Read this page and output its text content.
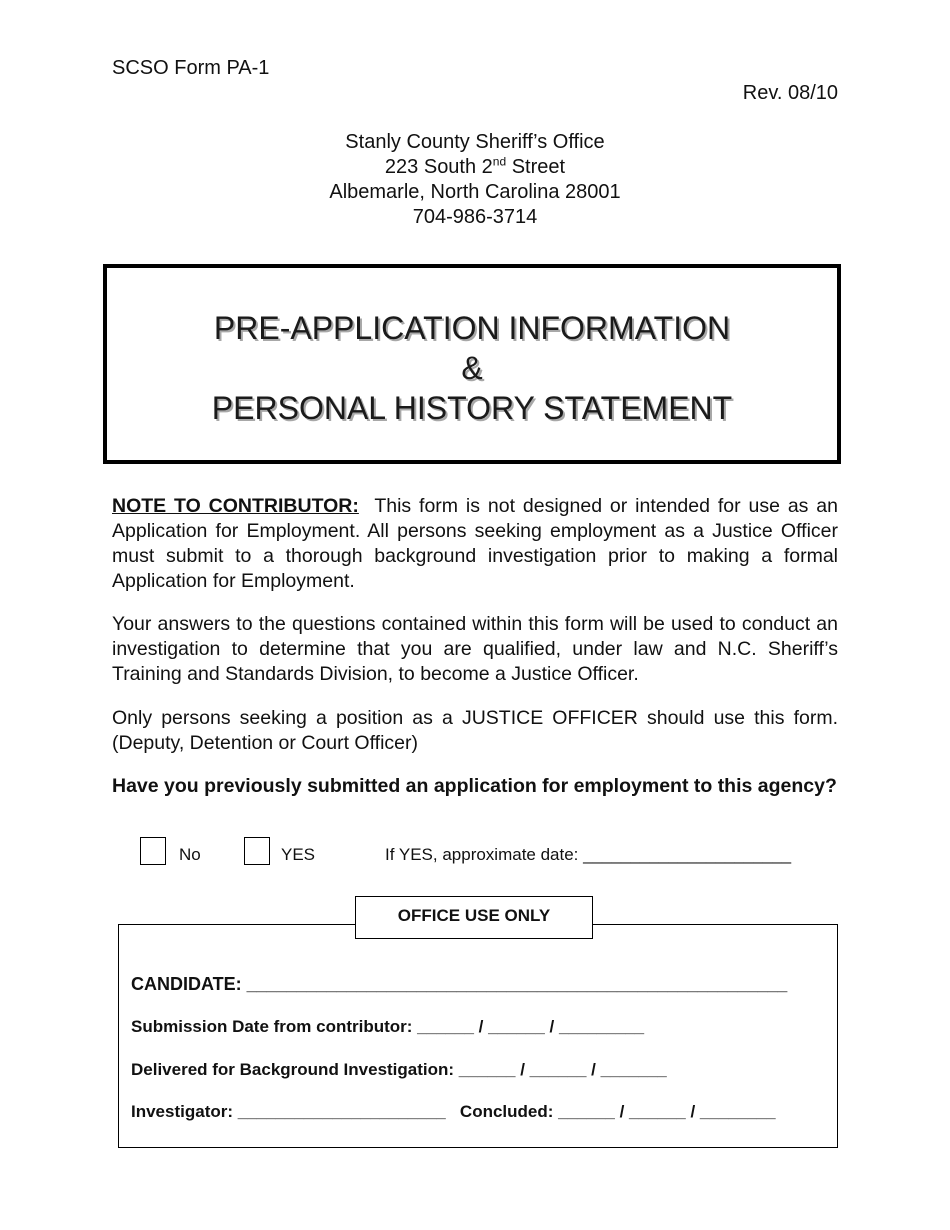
SCSO Form PA-1
Rev. 08/10
Stanly County Sheriff’s Office
223 South 2nd Street
Albemarle, North Carolina 28001
704-986-3714
PRE-APPLICATION INFORMATION
&
PERSONAL HISTORY STATEMENT
NOTE TO CONTRIBUTOR: This form is not designed or intended for use as an Application for Employment. All persons seeking employment as a Justice Officer must submit to a thorough background investigation prior to making a formal Application for Employment.
Your answers to the questions contained within this form will be used to conduct an investigation to determine that you are qualified, under law and N.C. Sheriff’s Training and Standards Division, to become a Justice Officer.
Only persons seeking a position as a JUSTICE OFFICER should use this form. (Deputy, Detention or Court Officer)
Have you previously submitted an application for employment to this agency?
No	YES	If YES, approximate date: ______________________
OFFICE USE ONLY
CANDIDATE: ______________________________________________________
Submission Date from contributor: ______ / ______ / _________
Delivered for Background Investigation: ______ / ______ / _______
Investigator: ______________________ Concluded: ______ / ______ / ________
